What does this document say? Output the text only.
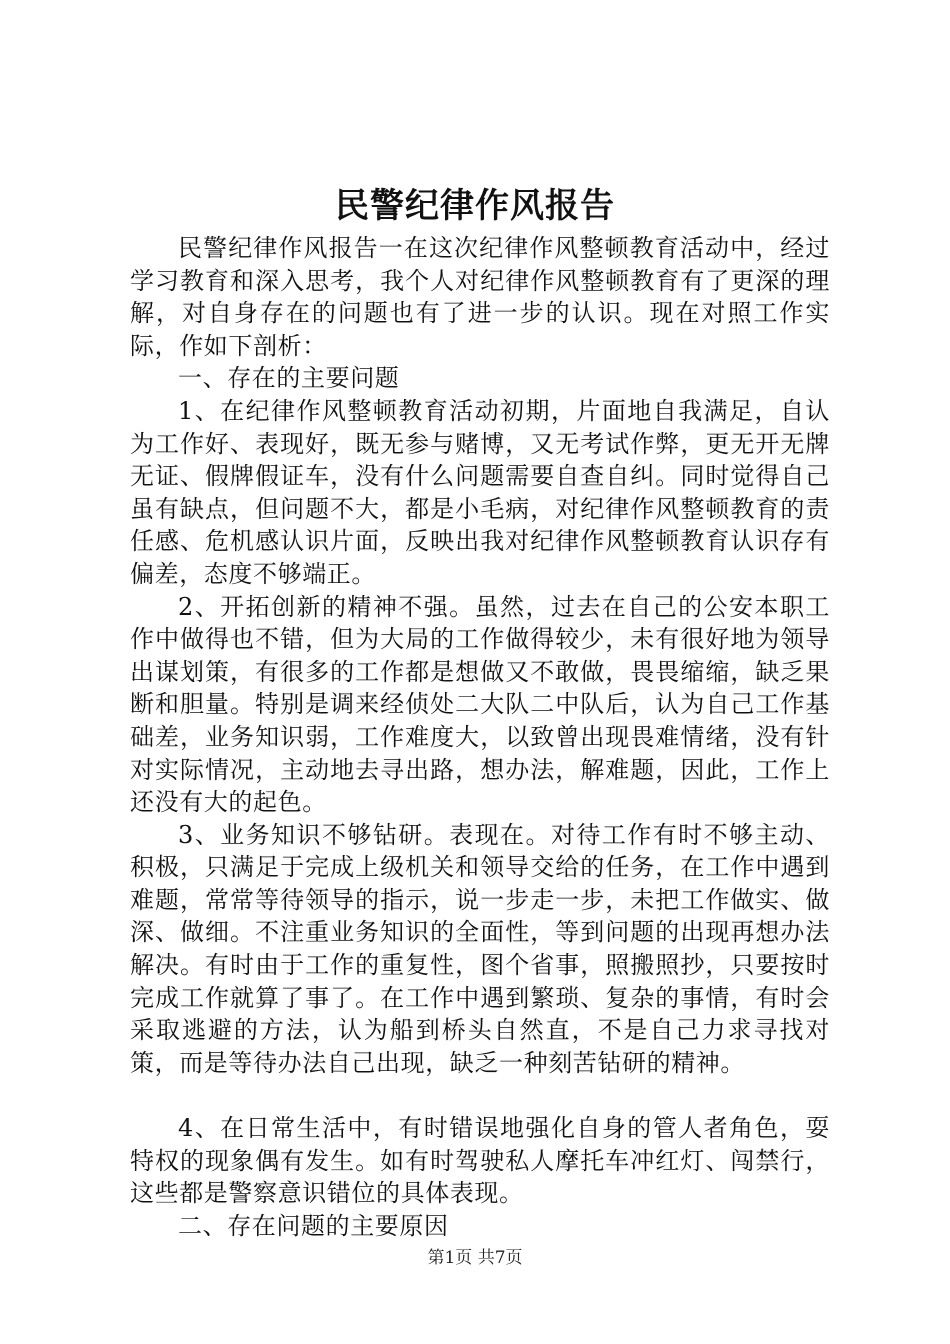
民警纪律作风报告

民警纪律作风报告一在这次纪律作风整顿教育活动中，经过学习教育和深入思考，我个人对纪律作风整顿教育有了更深的理解，对自身存在的问题也有了进一步的认识。现在对照工作实际，作如下剖析：

一、存在的主要问题

1、在纪律作风整顿教育活动初期，片面地自我满足，自认为工作好、表现好，既无参与赌博，又无考试作弊，更无开无牌无证、假牌假证车，没有什么问题需要自查自纠。同时觉得自己虽有缺点，但问题不大，都是小毛病，对纪律作风整顿教育的责任感、危机感认识片面，反映出我对纪律作风整顿教育认识存有偏差，态度不够端正。

2、开拓创新的精神不强。虽然，过去在自己的公安本职工作中做得也不错，但为大局的工作做得较少，未有很好地为领导出谋划策，有很多的工作都是想做又不敢做，畏畏缩缩，缺乏果断和胆量。特别是调来经侦处二大队二中队后，认为自己工作基础差，业务知识弱，工作难度大，以致曾出现畏难情绪，没有针对实际情况，主动地去寻出路，想办法，解难题，因此，工作上还没有大的起色。

3、业务知识不够钻研。表现在。对待工作有时不够主动、积极，只满足于完成上级机关和领导交给的任务，在工作中遇到难题，常常等待领导的指示，说一步走一步，未把工作做实、做深、做细。不注重业务知识的全面性，等到问题的出现再想办法解决。有时由于工作的重复性，图个省事，照搬照抄，只要按时完成工作就算了事了。在工作中遇到繁琐、复杂的事情，有时会采取逃避的方法，认为船到桥头自然直，不是自己力求寻找对策，而是等待办法自己出现，缺乏一种刻苦钻研的精神。

4、在日常生活中，有时错误地强化自身的管人者角色，耍特权的现象偶有发生。如有时驾驶私人摩托车冲红灯、闯禁行，这些都是警察意识错位的具体表现。

二、存在问题的主要原因

第1页 共7页
